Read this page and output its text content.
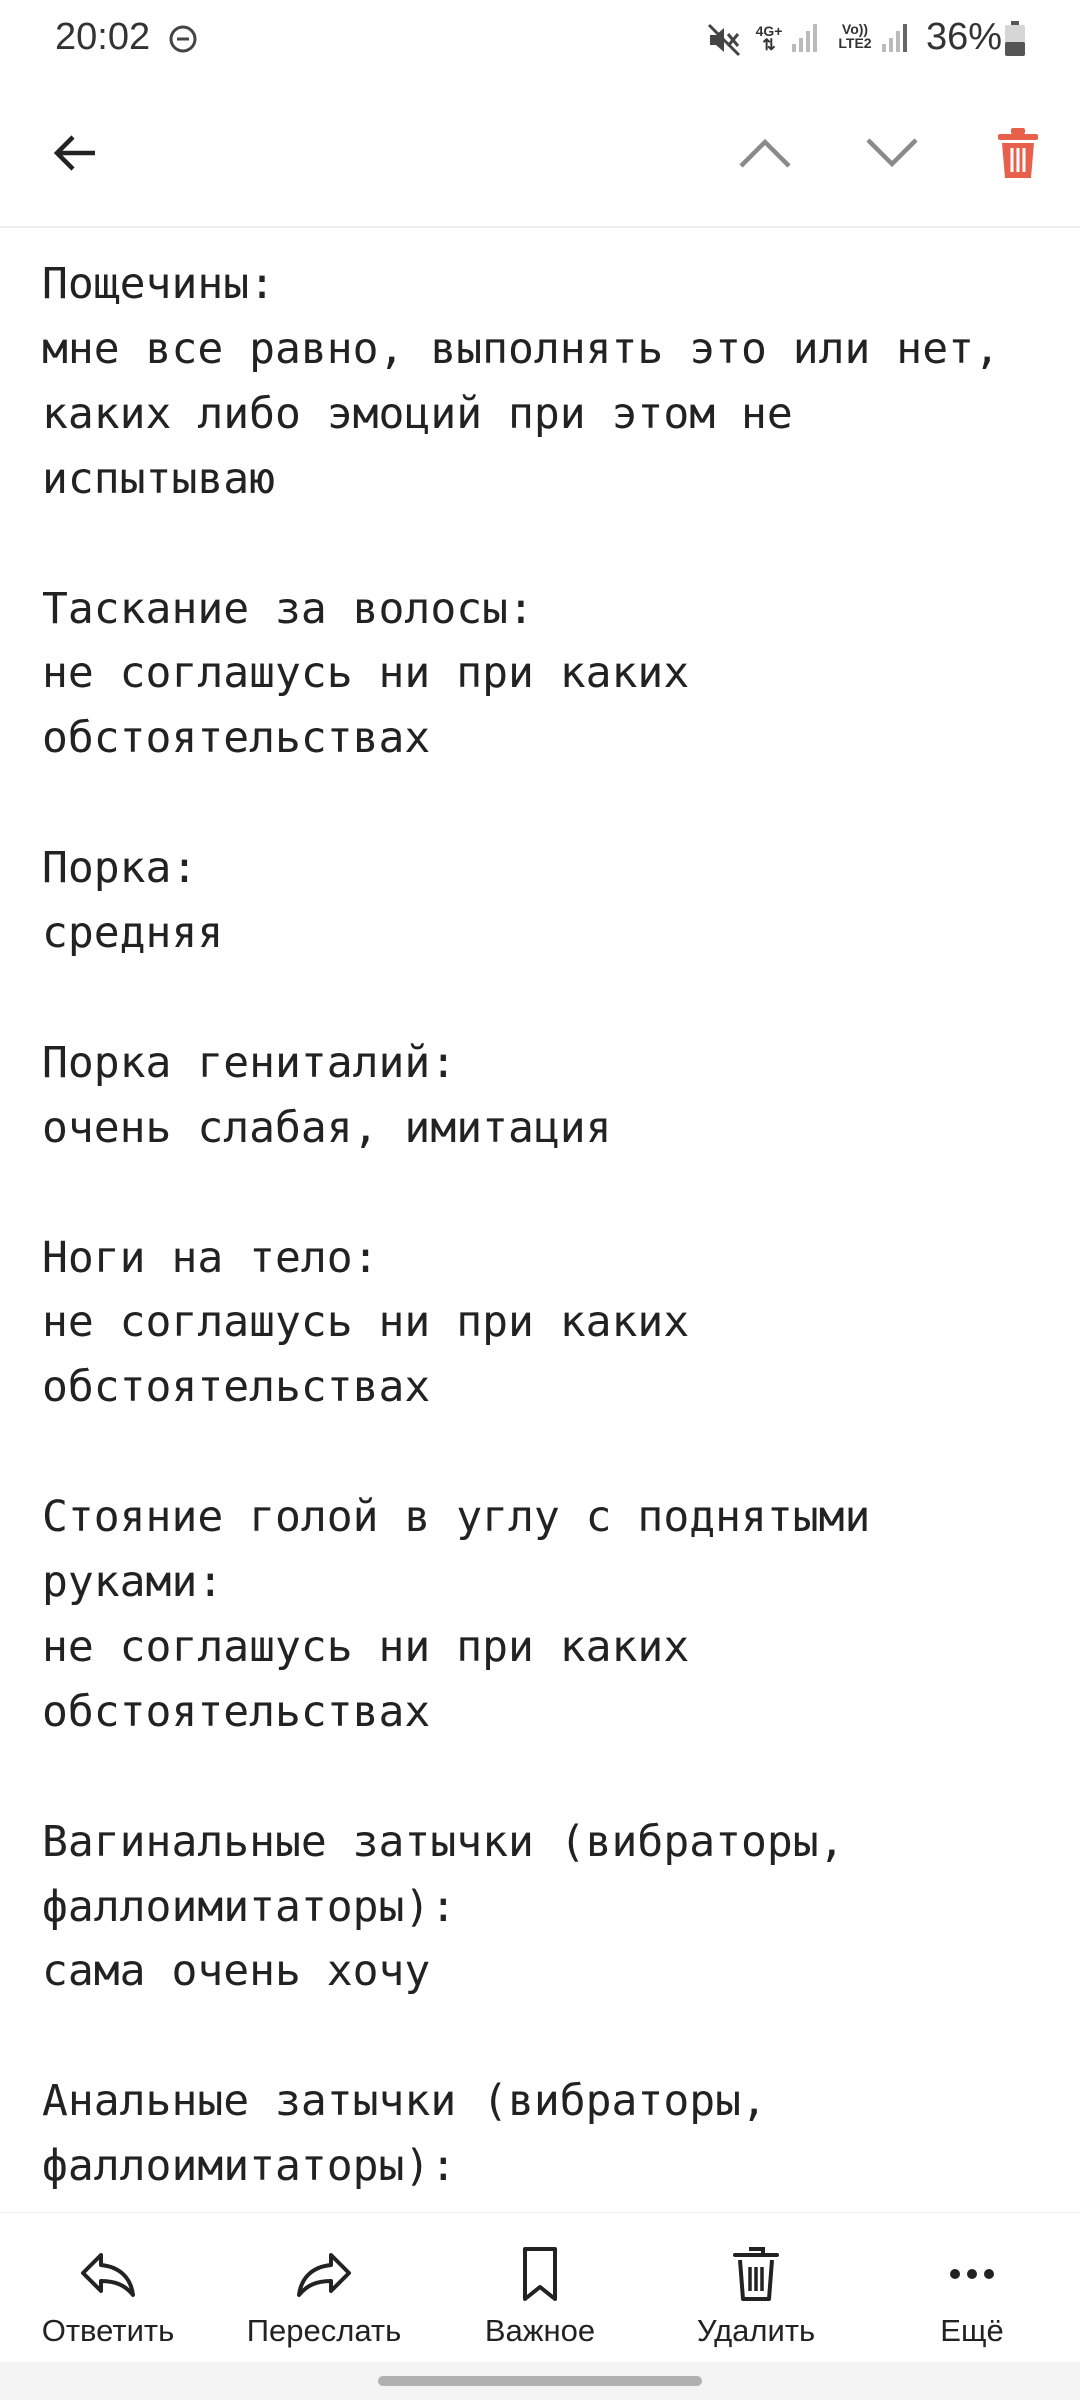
20:02	4G+
⇅
Vo))
LTE2 36%
Пощечины:
мне все равно, выполнять это или нет, каких либо эмоций при этом не испытываю
Таскание за волосы:
не соглашусь ни при каких обстоятельствах
Порка:
средняя
Порка гениталий:
очень слабая, имитация
Ноги на тело:
не соглашусь ни при каких обстоятельствах
Стояние голой в углу с поднятыми руками:
не соглашусь ни при каких обстоятельствах
Вагинальные затычки (вибраторы, фаллоимитаторы):
сама очень хочу
Анальные затычки (вибраторы, фаллоимитаторы):
Ответить Переслать	Важное	Удалить	Ещё
